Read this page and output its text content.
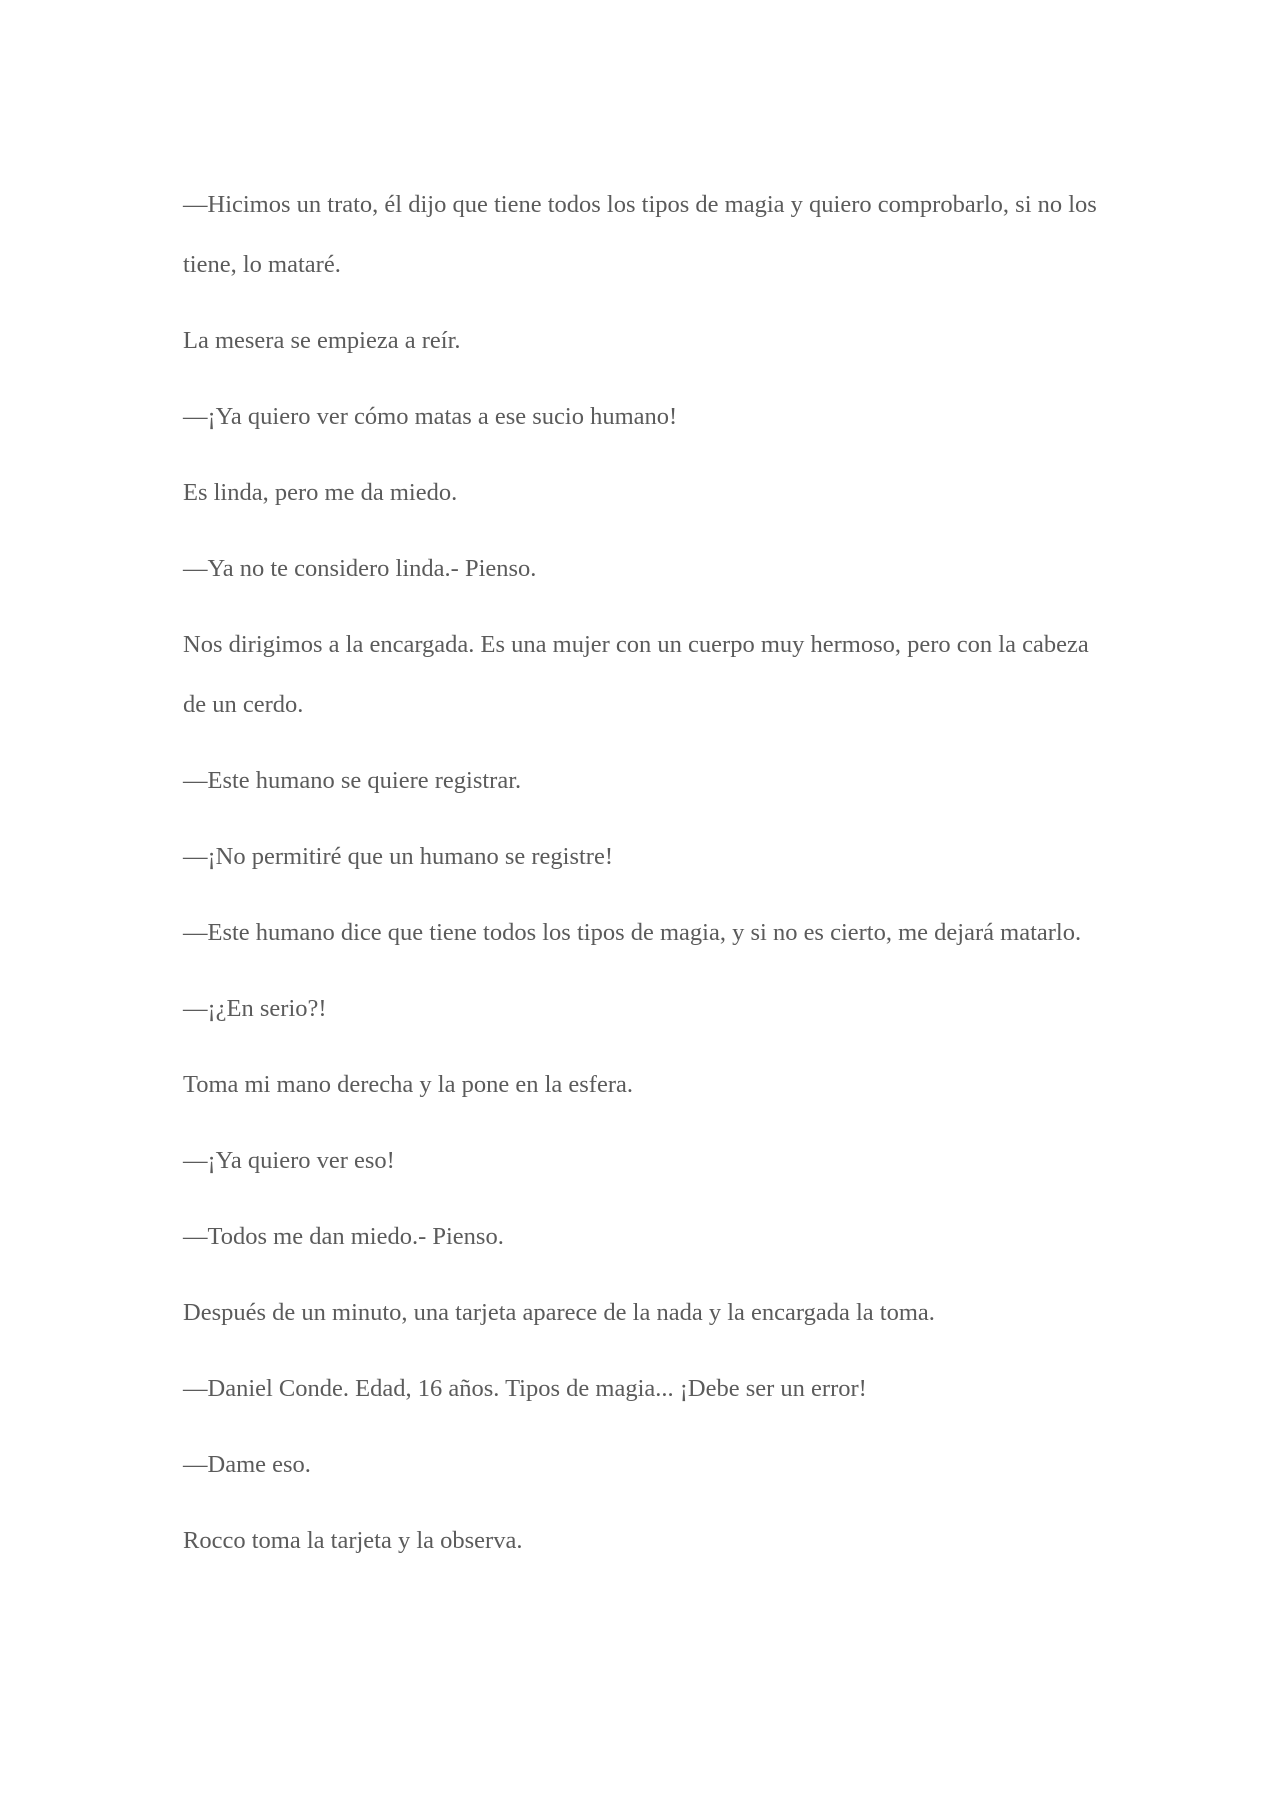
—Hicimos un trato, él dijo que tiene todos los tipos de magia y quiero comprobarlo, si no los tiene, lo mataré.

La mesera se empieza a reír.

—¡Ya quiero ver cómo matas a ese sucio humano!

Es linda, pero me da miedo.

—Ya no te considero linda.- Pienso.

Nos dirigimos a la encargada. Es una mujer con un cuerpo muy hermoso, pero con la cabeza de un cerdo.

—Este humano se quiere registrar.

—¡No permitiré que un humano se registre!

—Este humano dice que tiene todos los tipos de magia, y si no es cierto, me dejará matarlo.

—¡¿En serio?!

Toma mi mano derecha y la pone en la esfera.

—¡Ya quiero ver eso!

—Todos me dan miedo.- Pienso.

Después de un minuto, una tarjeta aparece de la nada y la encargada la toma.

—Daniel Conde. Edad, 16 años. Tipos de magia... ¡Debe ser un error!

—Dame eso.

Rocco toma la tarjeta y la observa.
